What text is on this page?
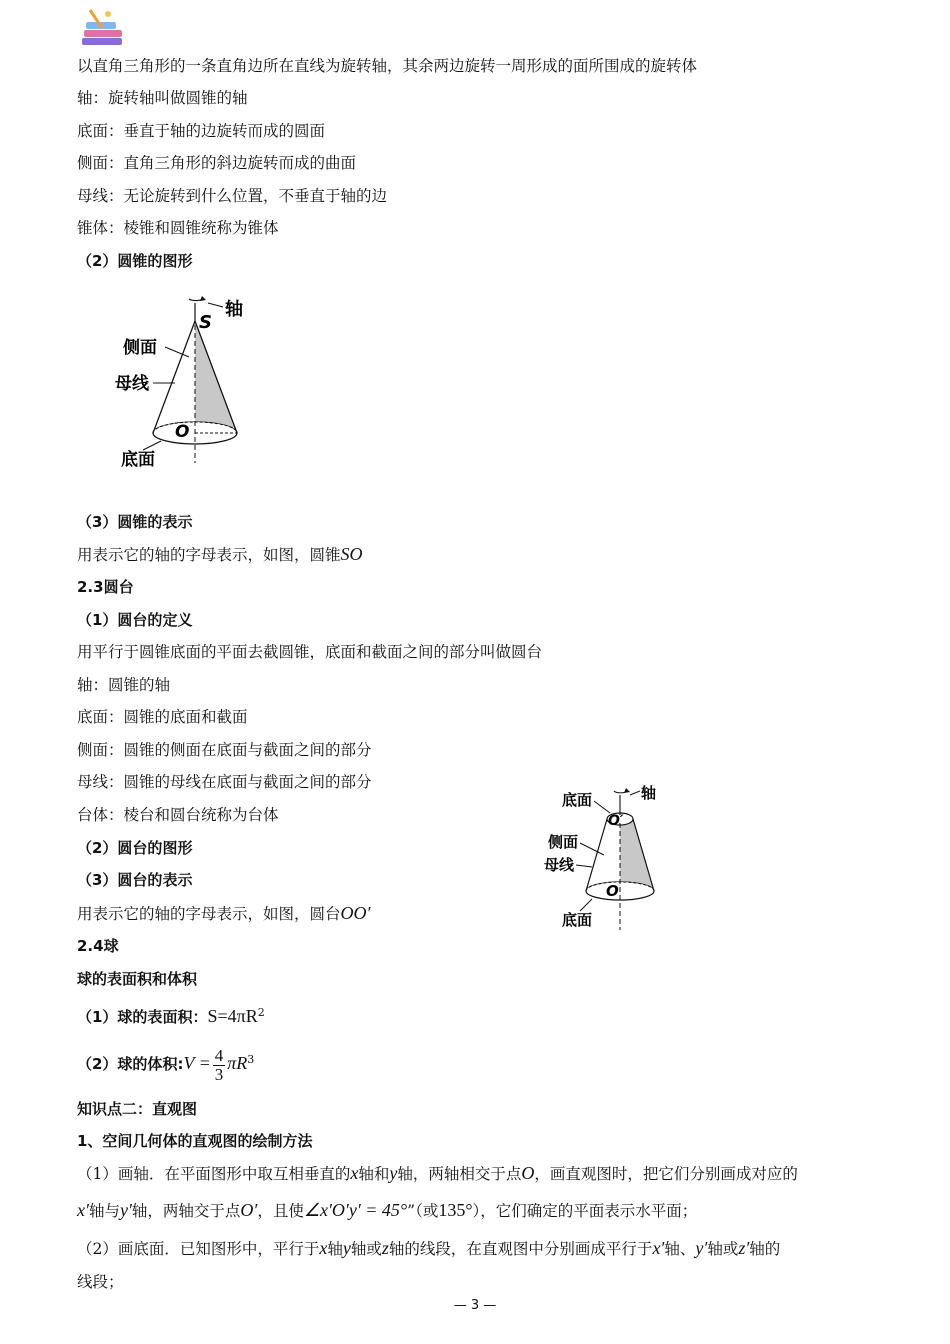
以直角三角形的一条直角边所在直线为旋转轴，其余两边旋转一周形成的面所围成的旋转体
轴：旋转轴叫做圆锥的轴
底面：垂直于轴的边旋转而成的圆面
侧面：直角三角形的斜边旋转而成的曲面
母线：无论旋转到什么位置，不垂直于轴的边
锥体：棱锥和圆锥统称为锥体
（2）圆锥的图形
轴
S
侧面
母线
O
底面
（3）圆锥的表示
用表示它的轴的字母表示，如图，圆锥SO
2.3圆台
（1）圆台的定义
用平行于圆锥底面的平面去截圆锥，底面和截面之间的部分叫做圆台
轴：圆锥的轴
底面：圆锥的底面和截面
侧面：圆锥的侧面在底面与截面之间的部分
母线：圆锥的母线在底面与截面之间的部分
台体：棱台和圆台统称为台体
（2）圆台的图形
（3）圆台的表示
用表示它的轴的字母表示，如图，圆台OO′
轴
底面
O′
侧面
母线
O
底面
2.4球
球的表面积和体积
（1）球的表面积：$S=4\pi R^2$
（2）球的体积:V = $\frac{4}{3} \pi R^3$
知识点二：直观图
1、空间几何体的直观图的绘制方法
（1）画轴．在平面图形中取互相垂直的x轴和y轴，两轴相交于点O，画直观图时，把它们分别画成对应的
x′轴与y′轴，两轴交于点O′，且使∠x′O′y′ = 45°”（或135°），它们确定的平面表示水平面；
（2）画底面．已知图形中，平行于x轴y轴或z轴的线段，在直观图中分别画成平行于x′轴、y′轴或z′轴的
线段；
— 3 —
